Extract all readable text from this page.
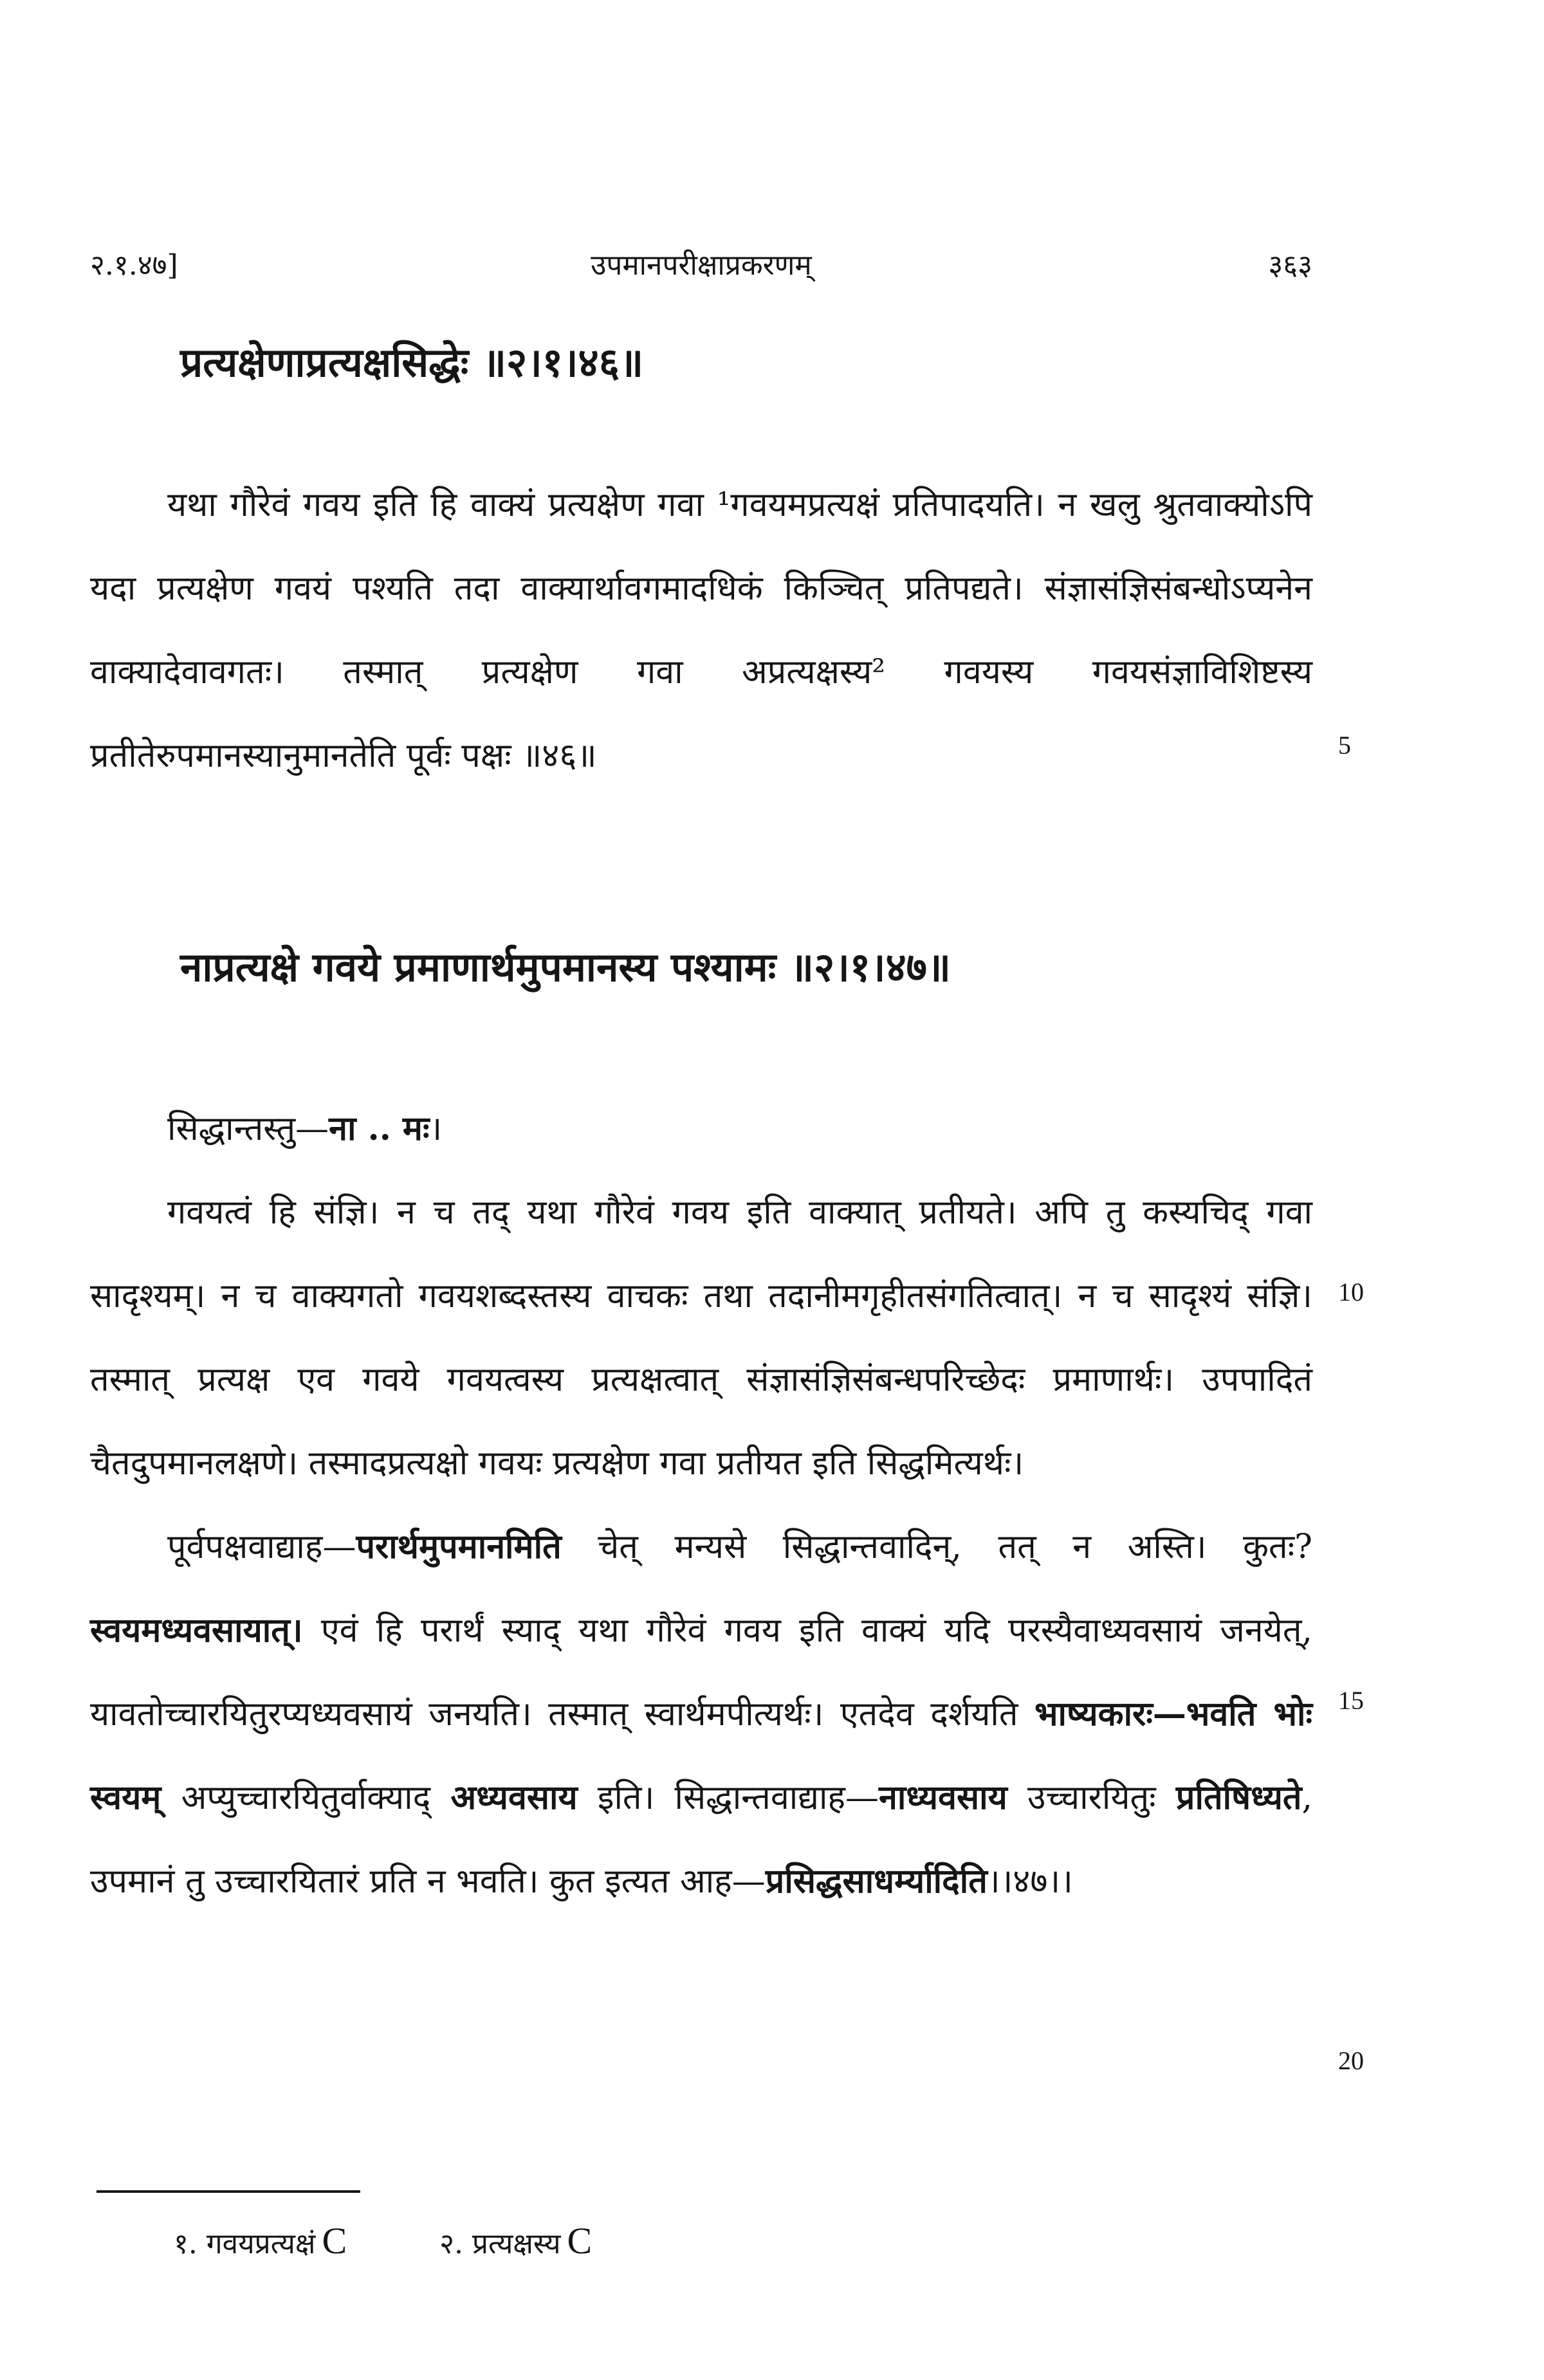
२.१.४७]	उपमानपरीक्षाप्रकरणम्	३६३
प्रत्यक्षेणाप्रत्यक्षसिद्धेः ॥२।१।४६॥

यथा गौरेवं गवय इति हि वाक्यं प्रत्यक्षेण गवा ¹गवयमप्रत्यक्षं प्रतिपादयति। न खलु श्रुतवाक्योऽपि यदा प्रत्यक्षेण गवयं पश्यति तदा वाक्यार्थावगमादधिकं किञ्चित् प्रतिपद्यते। संज्ञासंज्ञिसंबन्धोऽप्यनेन वाक्यादेवावगतः। तस्मात् प्रत्यक्षेण गवा अप्रत्यक्षस्य² गवयस्य गवयसंज्ञाविशिष्टस्य प्रतीतेरुपमानस्यानुमानतेति पूर्वः पक्षः ॥४६॥

नाप्रत्यक्षे गवये प्रमाणार्थमुपमानस्य पश्यामः ॥२।१।४७॥

सिद्धान्तस्तु—ना .. मः।

गवयत्वं हि संज्ञि। न च तद् यथा गौरेवं गवय इति वाक्यात् प्रतीयते। अपि तु कस्यचिद् गवा सादृश्यम्। न च वाक्यगतो गवयशब्दस्तस्य वाचकः तथा तदानीमगृहीतसंगतित्वात्। न च सादृश्यं संज्ञि। तस्मात् प्रत्यक्ष एव गवये गवयत्वस्य प्रत्यक्षत्वात् संज्ञासंज्ञिसंबन्धपरिच्छेदः प्रमाणार्थः। उपपादितं चैतदुपमानलक्षणे। तस्मादप्रत्यक्षो गवयः प्रत्यक्षेण गवा प्रतीयत इति सिद्धमित्यर्थः।

पूर्वपक्षवाद्याह—परार्थमुपमानमिति चेत् मन्यसे सिद्धान्तवादिन्, तत् न अस्ति। कुतः? स्वयमध्यवसायात्। एवं हि परार्थं स्याद् यथा गौरेवं गवय इति वाक्यं यदि परस्यैवाध्यवसायं जनयेत्, यावतोच्चारयितुरप्यध्यवसायं जनयति। तस्मात् स्वार्थमपीत्यर्थः। एतदेव दर्शयति भाष्यकारः—भवति भोः स्वयम् अप्युच्चारयितुर्वाक्याद् अध्यवसाय इति। सिद्धान्तवाद्याह—नाध्यवसाय उच्चारयितुः प्रतिषिध्यते, उपमानं तु उच्चारयितारं प्रति न भवति। कुत इत्यत आह—प्रसिद्धसाधर्म्यादिति।।४७।।

5
10
15
20
१. गवयप्रत्यक्षं C	२. प्रत्यक्षस्य C
